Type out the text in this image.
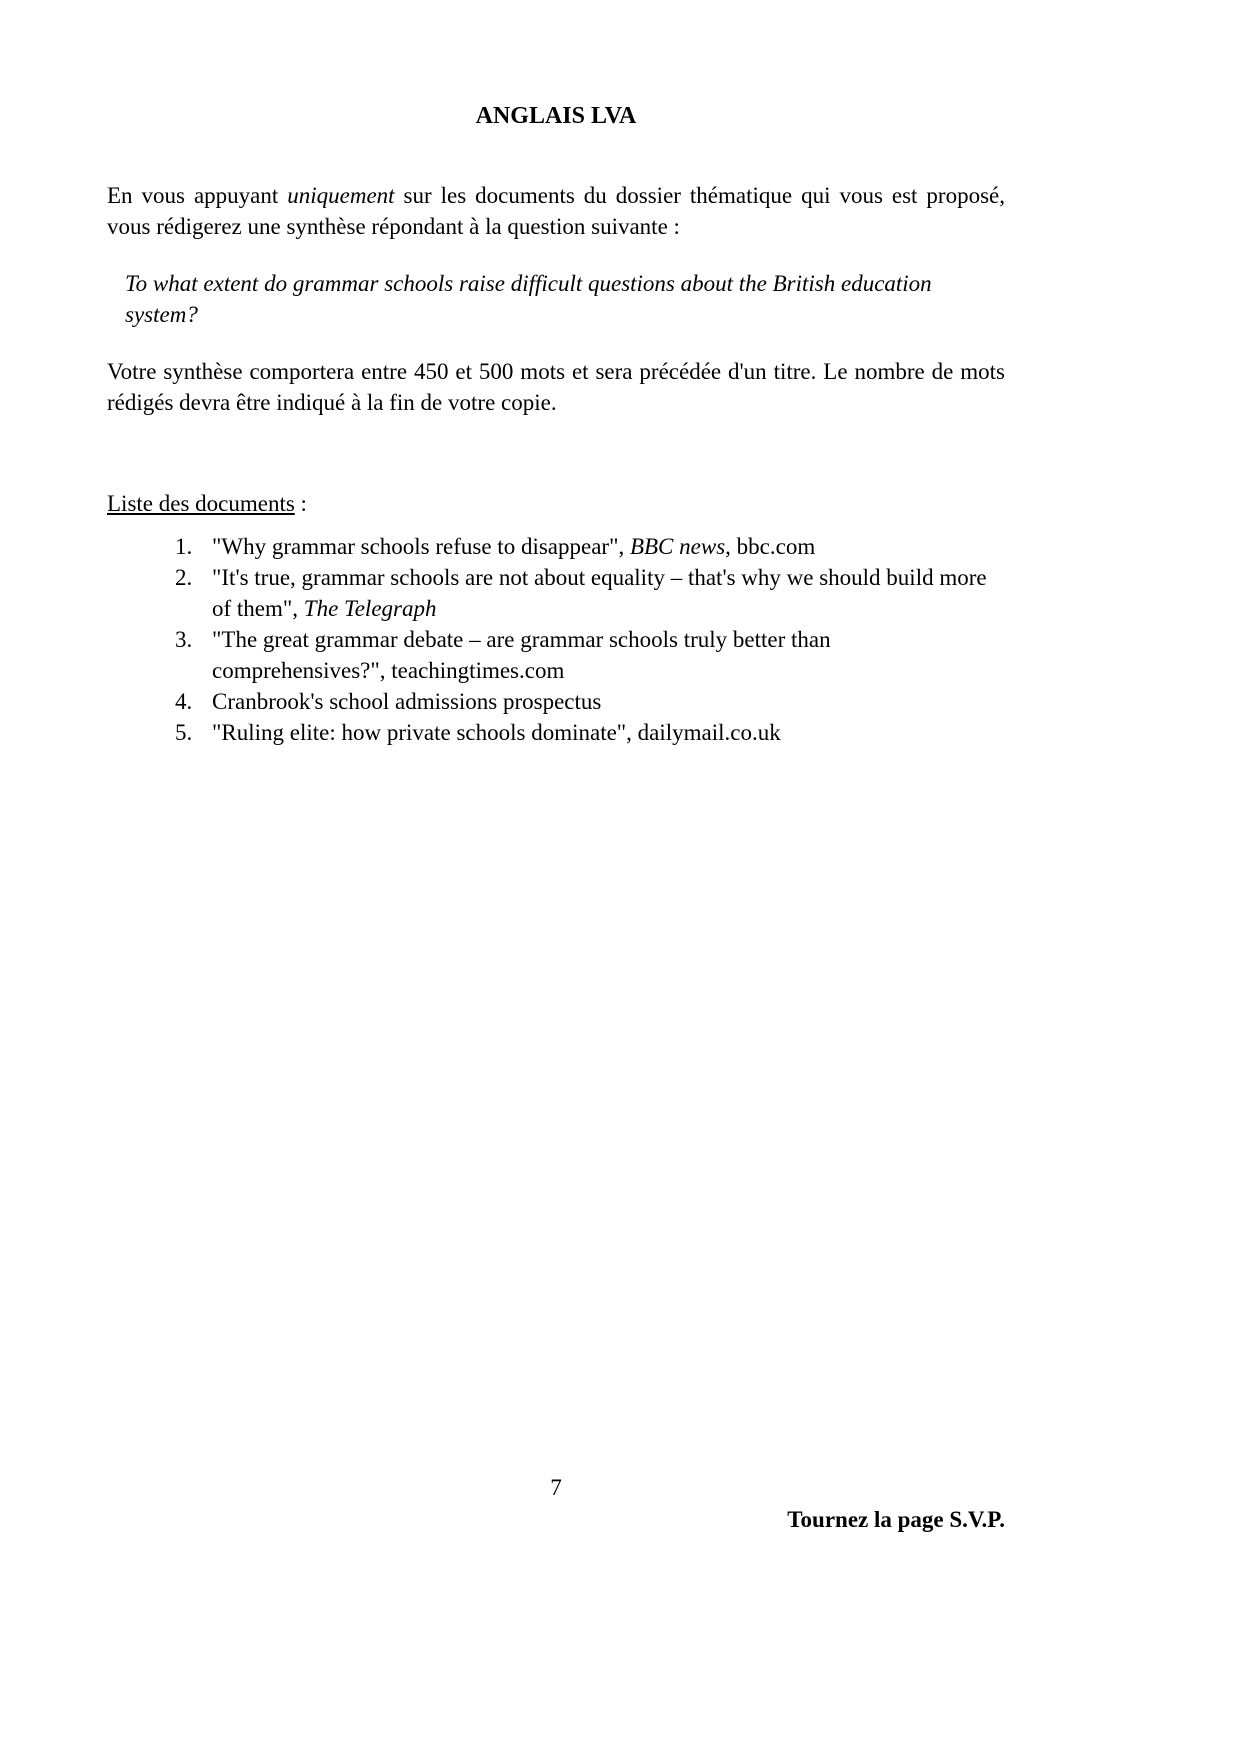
ANGLAIS LVA

En vous appuyant uniquement sur les documents du dossier thématique qui vous est proposé, vous rédigerez une synthèse répondant à la question suivante :

To what extent do grammar schools raise difficult questions about the British education system?

Votre synthèse comportera entre 450 et 500 mots et sera précédée d'un titre. Le nombre de mots rédigés devra être indiqué à la fin de votre copie.

Liste des documents :

1. "Why grammar schools refuse to disappear", BBC news, bbc.com
2. "It's true, grammar schools are not about equality – that's why we should build more of them", The Telegraph
3. "The great grammar debate – are grammar schools truly better than comprehensives?", teachingtimes.com
4. Cranbrook's school admissions prospectus
5. "Ruling elite: how private schools dominate", dailymail.co.uk
7
Tournez la page S.V.P.
